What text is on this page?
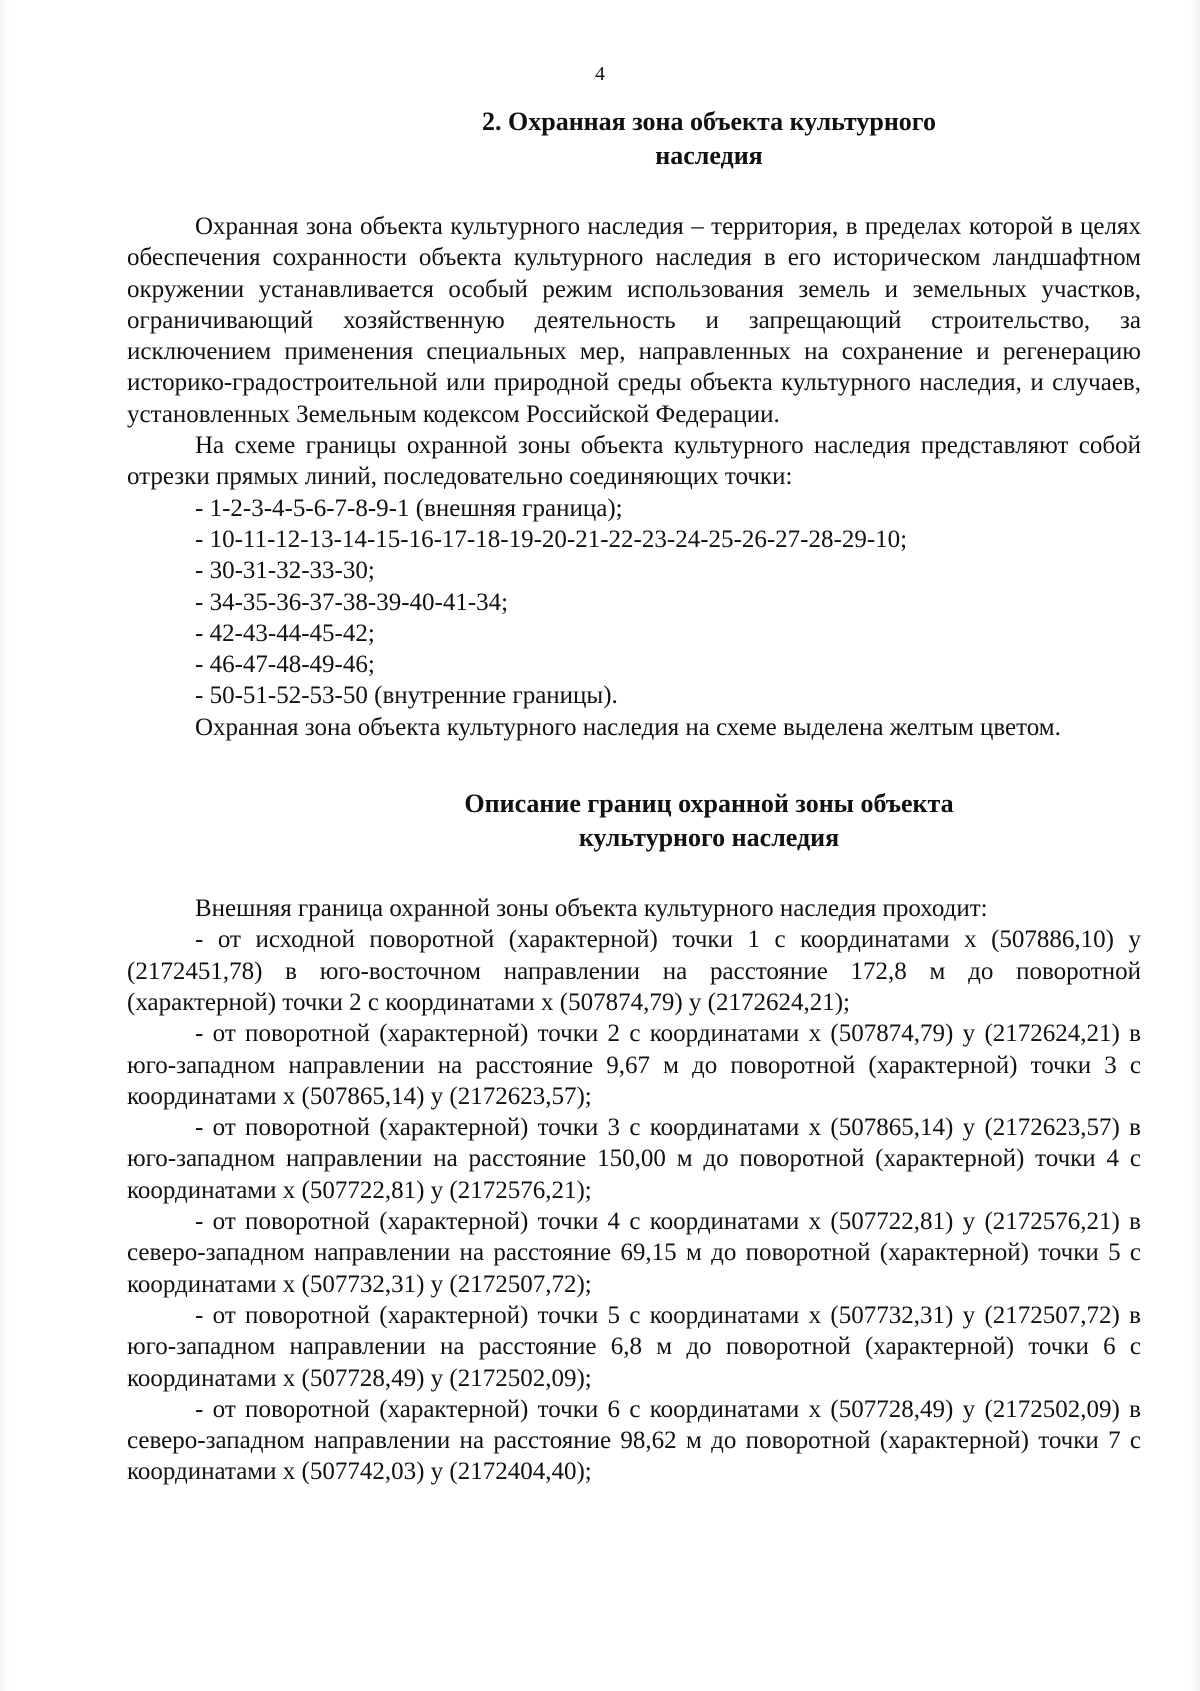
4
2. Охранная зона объекта культурного
наследия

Охранная зона объекта культурного наследия – территория, в пределах которой в целях обеспечения сохранности объекта культурного наследия в его историческом ландшафтном окружении устанавливается особый режим использования земель и земельных участков, ограничивающий хозяйственную деятельность и запрещающий строительство, за исключением применения специальных мер, направленных на сохранение и регенерацию историко-градостроительной или природной среды объекта культурного наследия, и случаев, установленных Земельным кодексом Российской Федерации.

На схеме границы охранной зоны объекта культурного наследия представляют собой отрезки прямых линий, последовательно соединяющих точки:

- 1-2-3-4-5-6-7-8-9-1 (внешняя граница);
- 10-11-12-13-14-15-16-17-18-19-20-21-22-23-24-25-26-27-28-29-10;
- 30-31-32-33-30;
- 34-35-36-37-38-39-40-41-34;
- 42-43-44-45-42;
- 46-47-48-49-46;
- 50-51-52-53-50 (внутренние границы).

Охранная зона объекта культурного наследия на схеме выделена желтым цветом.

Описание границ охранной зоны объекта
культурного наследия

Внешняя граница охранной зоны объекта культурного наследия проходит:

- от исходной поворотной (характерной) точки 1 с координатами х (507886,10) у (2172451,78) в юго-восточном направлении на расстояние 172,8 м до поворотной (характерной) точки 2 с координатами х (507874,79) у (2172624,21);

- от поворотной (характерной) точки 2 с координатами х (507874,79) у (2172624,21) в юго-западном направлении на расстояние 9,67 м до поворотной (характерной) точки 3 с координатами х (507865,14) у (2172623,57);

- от поворотной (характерной) точки 3 с координатами х (507865,14) у (2172623,57) в юго-западном направлении на расстояние 150,00 м до поворотной (характерной) точки 4 с координатами х (507722,81) у (2172576,21);

- от поворотной (характерной) точки 4 с координатами х (507722,81) у (2172576,21) в северо-западном направлении на расстояние 69,15 м до поворотной (характерной) точки 5 с координатами х (507732,31) у (2172507,72);

- от поворотной (характерной) точки 5 с координатами х (507732,31) у (2172507,72) в юго-западном направлении на расстояние 6,8 м до поворотной (характерной) точки 6 с координатами х (507728,49) у (2172502,09);

- от поворотной (характерной) точки 6 с координатами х (507728,49) у (2172502,09) в северо-западном направлении на расстояние 98,62 м до поворотной (характерной) точки 7 с координатами х (507742,03) у (2172404,40);
